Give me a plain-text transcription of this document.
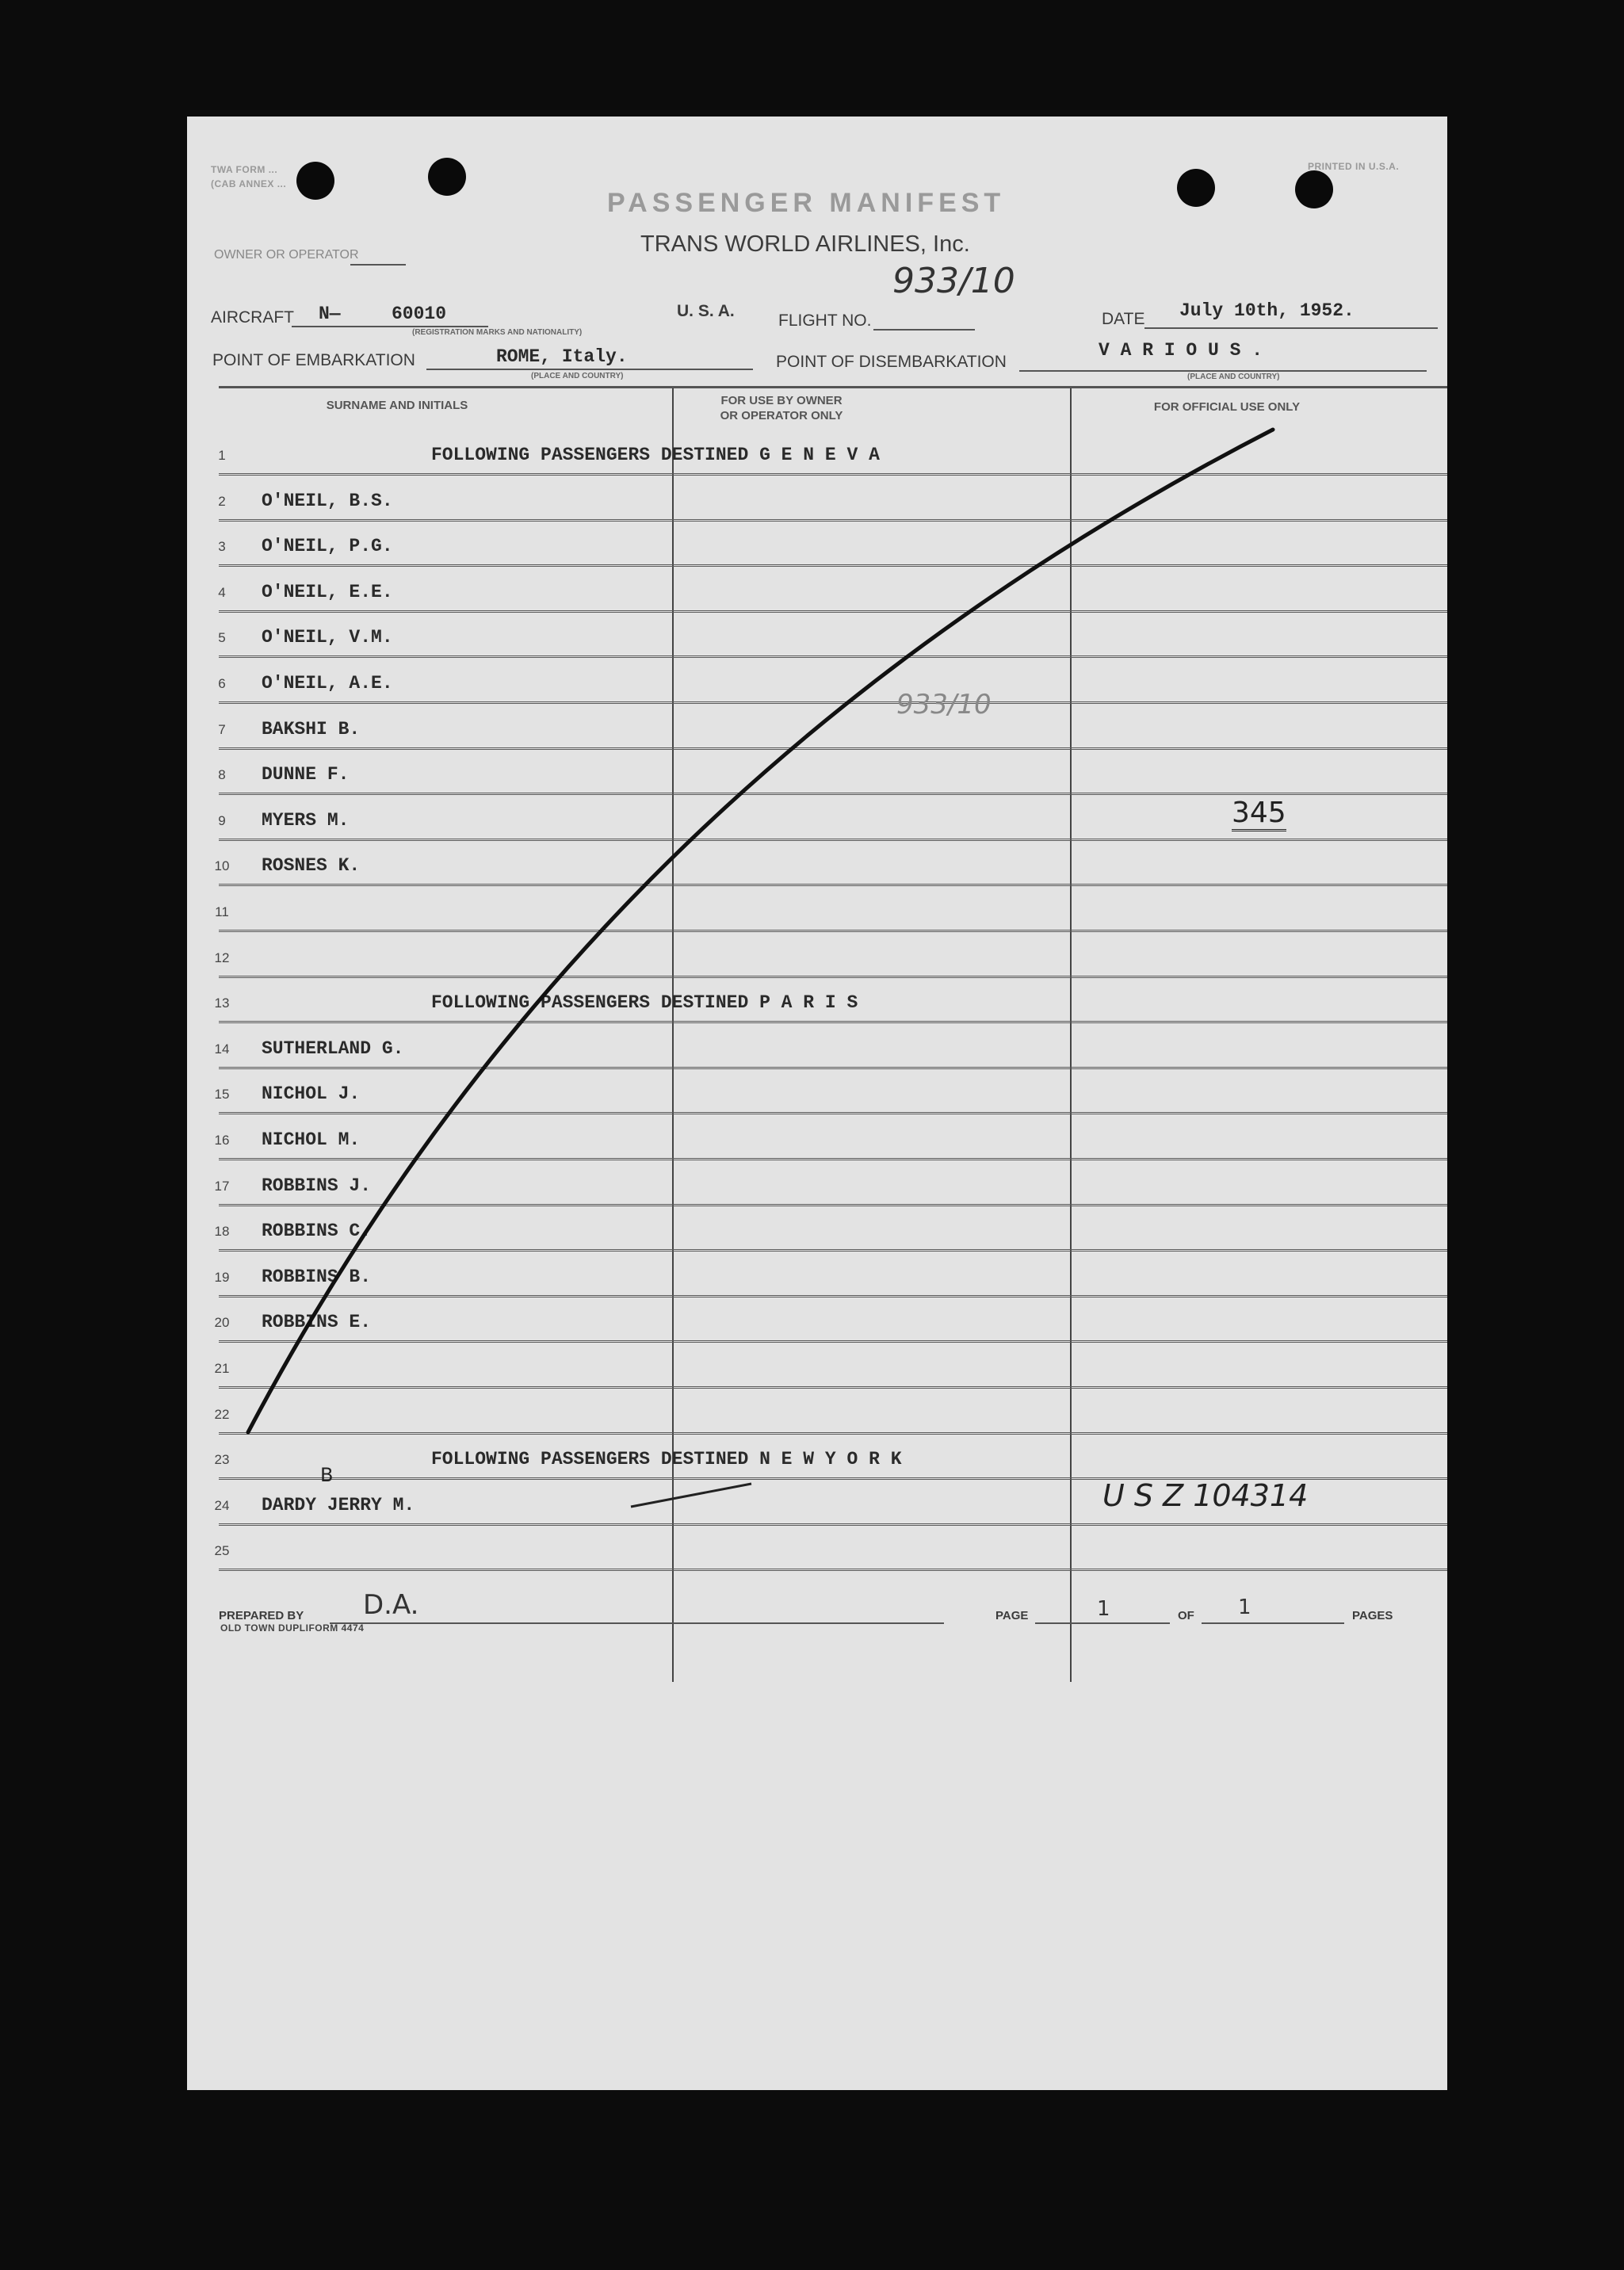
TWA FORM ...
(CAB ANNEX ...
PRINTED IN U.S.A.
PASSENGER MANIFEST
TRANS WORLD AIRLINES, Inc.
OWNER OR OPERATOR
AIRCRAFT N—	60010
(REGISTRATION MARKS AND NATIONALITY)
U. S. A.
FLIGHT NO.
933/10
DATE July 10th, 1952.
POINT OF EMBARKATION	ROME, Italy.
(PLACE AND COUNTRY)
POINT OF DISEMBARKATION
V A R I O U S .
(PLACE AND COUNTRY)
SURNAME AND INITIALS	FOR USE BY OWNER
OR OPERATOR ONLY
FOR OFFICIAL USE ONLY
1	FOLLOWING PASSENGERS DESTINED G E N E V A
2 O'NEIL, B.S.
3 O'NEIL, P.G.
4 O'NEIL, E.E.
5 O'NEIL, V.M.
6 O'NEIL, A.E.
7 BAKSHI B.
8 DUNNE F.
9 MYERS M.
10 ROSNES K.
11
12
13	FOLLOWING PASSENGERS DESTINED P A R I S
14 SUTHERLAND G.
15 NICHOL J.
16 NICHOL M.
17 ROBBINS J.
18 ROBBINS C.
19 ROBBINS B.
20 ROBBINS E.
21
22
23	FOLLOWING PASSENGERS DESTINED N E W Y O R K
24 DARDY JERRY M.
25
933/10
345
B
U S Z 104314
PREPARED BY D.A.
OLD TOWN DUPLIFORM 4474
PAGE	1	OF 1	PAGES
